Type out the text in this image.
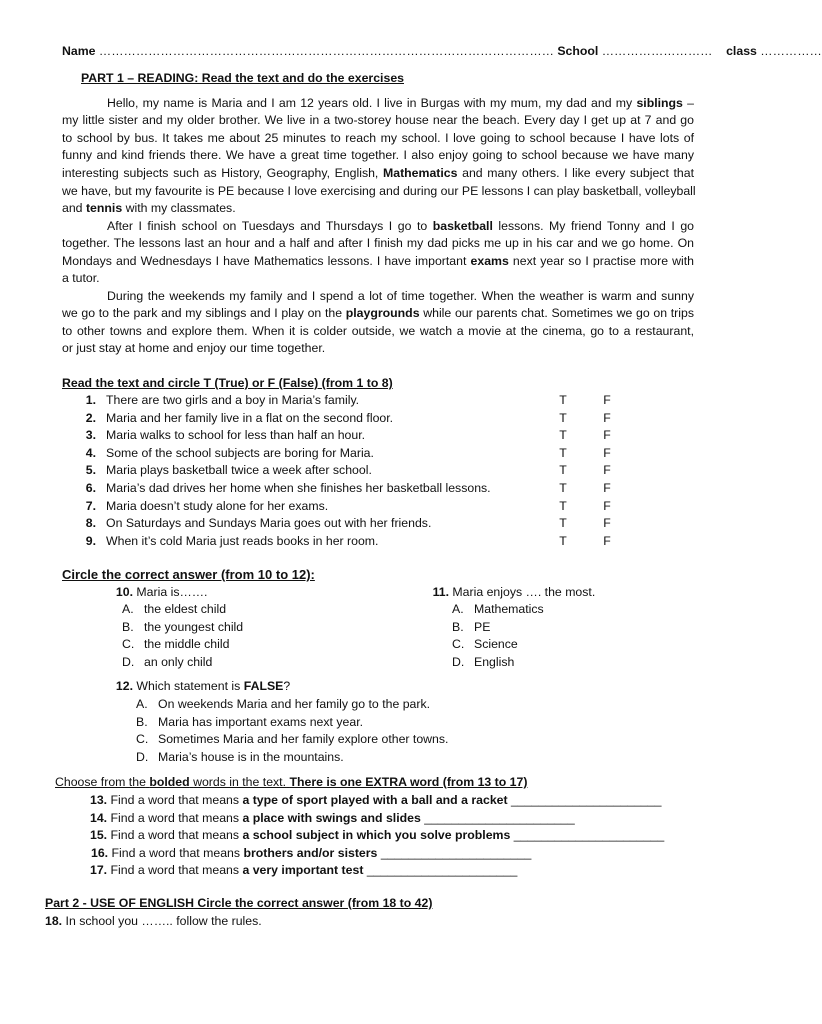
Name ………………………………………………………………………………………………… School ……………………… class ……………
PART 1 – READING: Read the text and do the exercises
Hello, my name is Maria and I am 12 years old. I live in Burgas with my mum, my dad and my siblings –
my little sister and my older brother. We live in a two-storey house near the beach. Every day I get up at 7 and go
to school by bus. It takes me about 25 minutes to reach my school. I love going to school because I have lots of
funny and kind friends there. We have a great time together. I also enjoy going to school because we have many
interesting subjects such as History, Geography, English, Mathematics and many others. I like every subject that
we have, but my favourite is PE because I love exercising and during our PE lessons I can play basketball, volleyball
and tennis with my classmates.
After I finish school on Tuesdays and Thursdays I go to basketball lessons. My friend Tonny and I go
together. The lessons last an hour and a half and after I finish my dad picks me up in his car and we go home. On
Mondays and Wednesdays I have Mathematics lessons. I have important exams next year so I practise more with
a tutor.
During the weekends my family and I spend a lot of time together. When the weather is warm and sunny
we go to the park and my siblings and I play on the playgrounds while our parents chat. Sometimes we go on trips
to other towns and explore them. When it is colder outside, we watch a movie at the cinema, go to a restaurant,
or just stay at home and enjoy our time together.
Read the text and circle T (True) or F (False) (from 1 to 8)
1. There are two girls and a boy in Maria’s family.	T	F
2. Maria and her family live in a flat on the second floor.	T	F
3. Maria walks to school for less than half an hour.	T	F
4. Some of the school subjects are boring for Maria.	T	F
5. Maria plays basketball twice a week after school.	T	F
6. Maria’s dad drives her home when she finishes her basketball lessons.	T	F
7. Maria doesn’t study alone for her exams.	T	F
8. On Saturdays and Sundays Maria goes out with her friends.	T	F
9. When it’s cold Maria just reads books in her room.	T	F
Circle the correct answer (from 10 to 12):
10. Maria is…….
A. the eldest child
B. the youngest child
C. the middle child
D. an only child
11. Maria enjoys …. the most.
A. Mathematics
B. PE
C. Science
D. English
12. Which statement is FALSE?
A. On weekends Maria and her family go to the park.
B. Maria has important exams next year.
C. Sometimes Maria and her family explore other towns.
D. Maria’s house is in the mountains.
Choose from the bolded words in the text. There is one EXTRA word (from 13 to 17)
13. Find a word that means a type of sport played with a ball and a racket ______________________
14. Find a word that means a place with swings and slides ______________________
15. Find a word that means a school subject in which you solve problems ______________________
16. Find a word that means brothers and/or sisters ______________________
17. Find a word that means a very important test ______________________
Part 2 - USE OF ENGLISH Circle the correct answer (from 18 to 42)
18. In school you …….. follow the rules.
